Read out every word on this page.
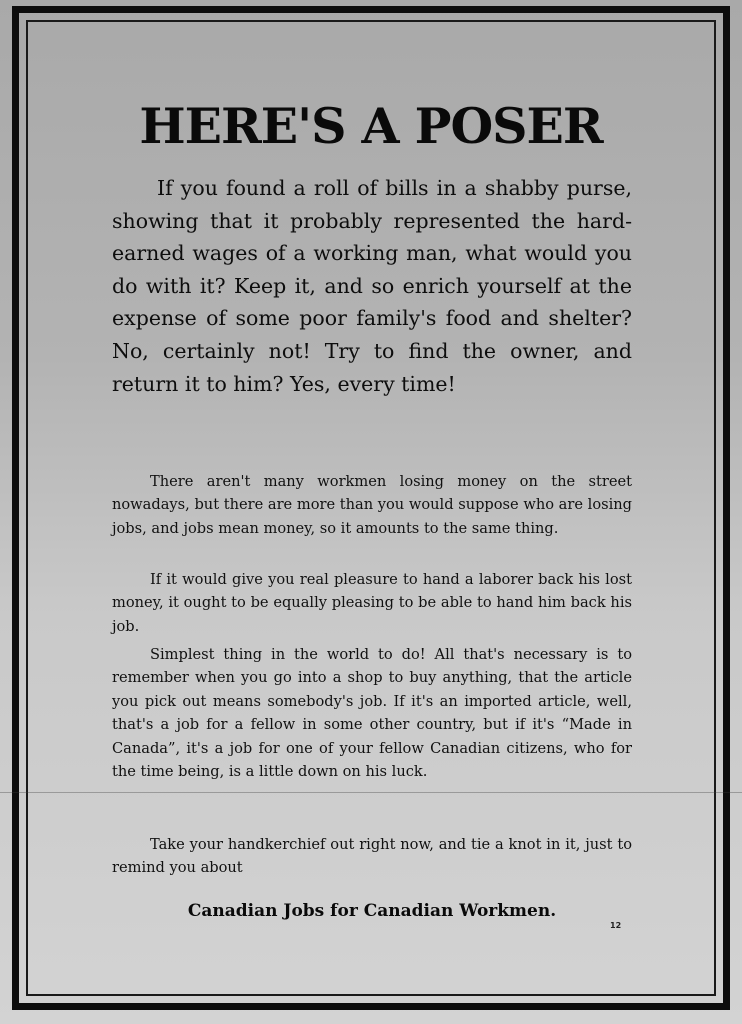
HERE'S A POSER

If you found a roll of bills in a shabby purse, showing that it probably represented the hard-earned wages of a working man, what would you do with it? Keep it, and so enrich yourself at the expense of some poor family's food and shelter? No, certainly not! Try to find the owner, and return it to him? Yes, every time!

There aren't many workmen losing money on the street nowadays, but there are more than you would suppose who are losing jobs, and jobs mean money, so it amounts to the same thing.

If it would give you real pleasure to hand a laborer back his lost money, it ought to be equally pleasing to be able to hand him back his job.

Simplest thing in the world to do! All that's necessary is to remember when you go into a shop to buy anything, that the article you pick out means somebody's job. If it's an imported article, well, that's a job for a fellow in some other country, but if it's “Made in Canada”, it's a job for one of your fellow Canadian citizens, who for the time being, is a little down on his luck.

Take your handkerchief out right now, and tie a knot in it, just to remind you about

Canadian Jobs for Canadian Workmen.
12
